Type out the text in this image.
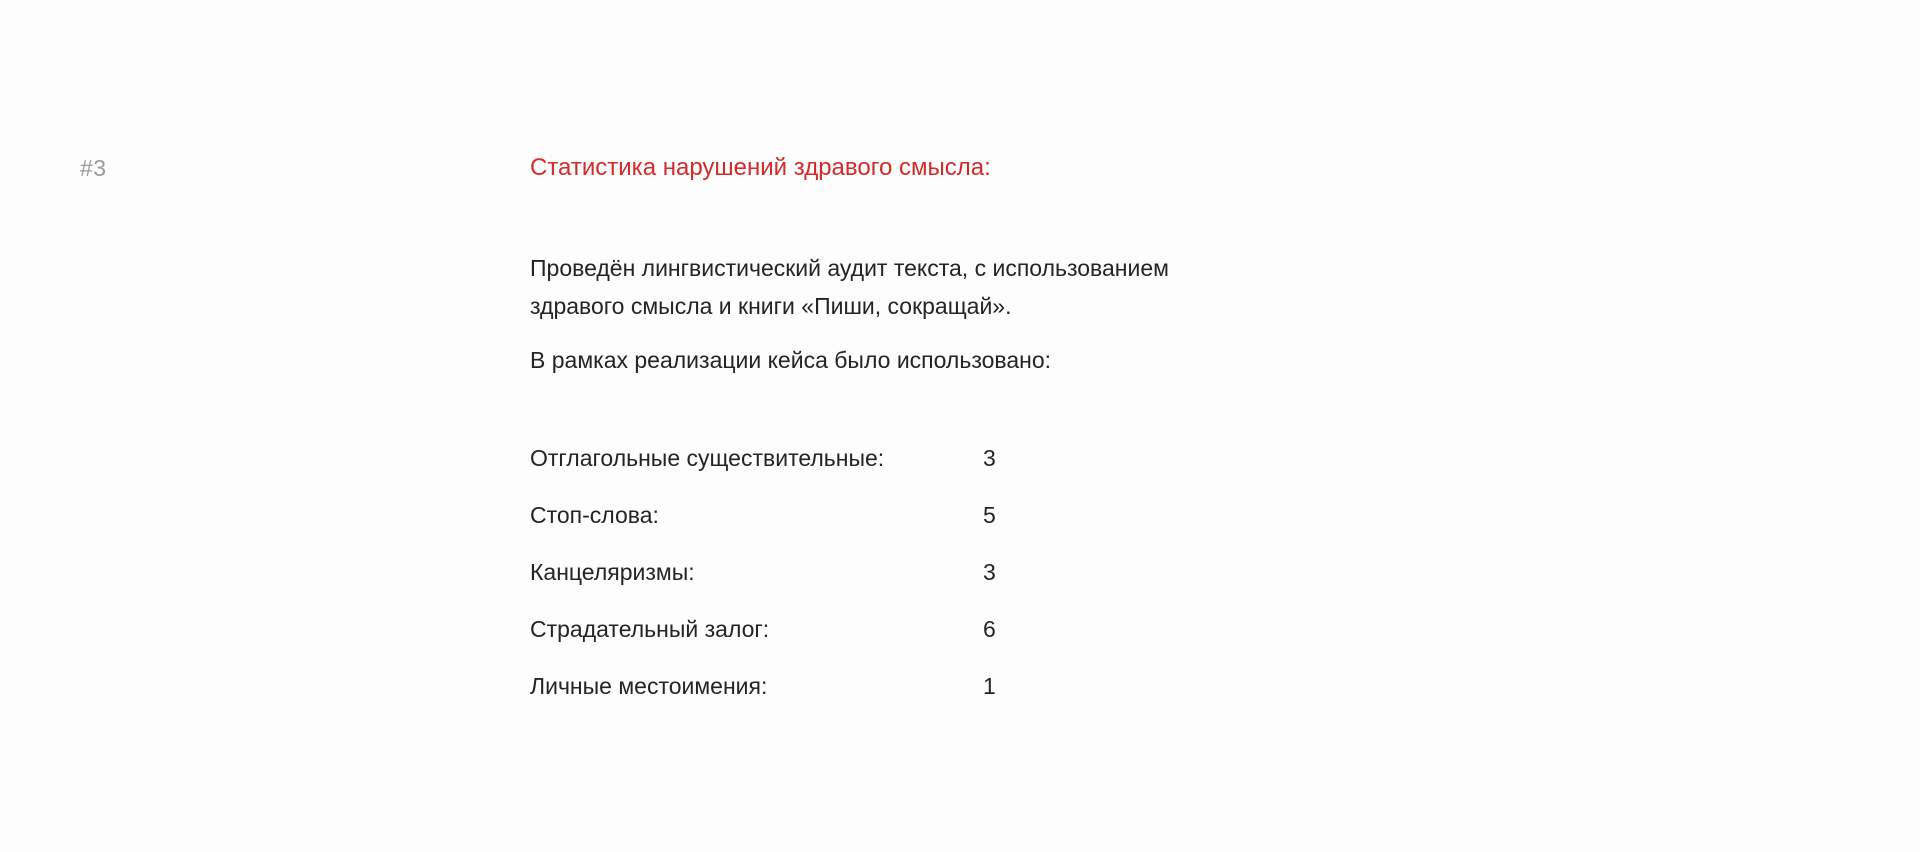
#3	Статистика нарушений здравого смысла:

Проведён лингвистический аудит текста, с использованием
здравого смысла и книги «Пиши, сокращай».

В рамках реализации кейса было использовано:

Отглагольные существительные:	3
Стоп-слова:	5
Канцеляризмы:	3
Страдательный залог:	6
Личные местоимения:	1
